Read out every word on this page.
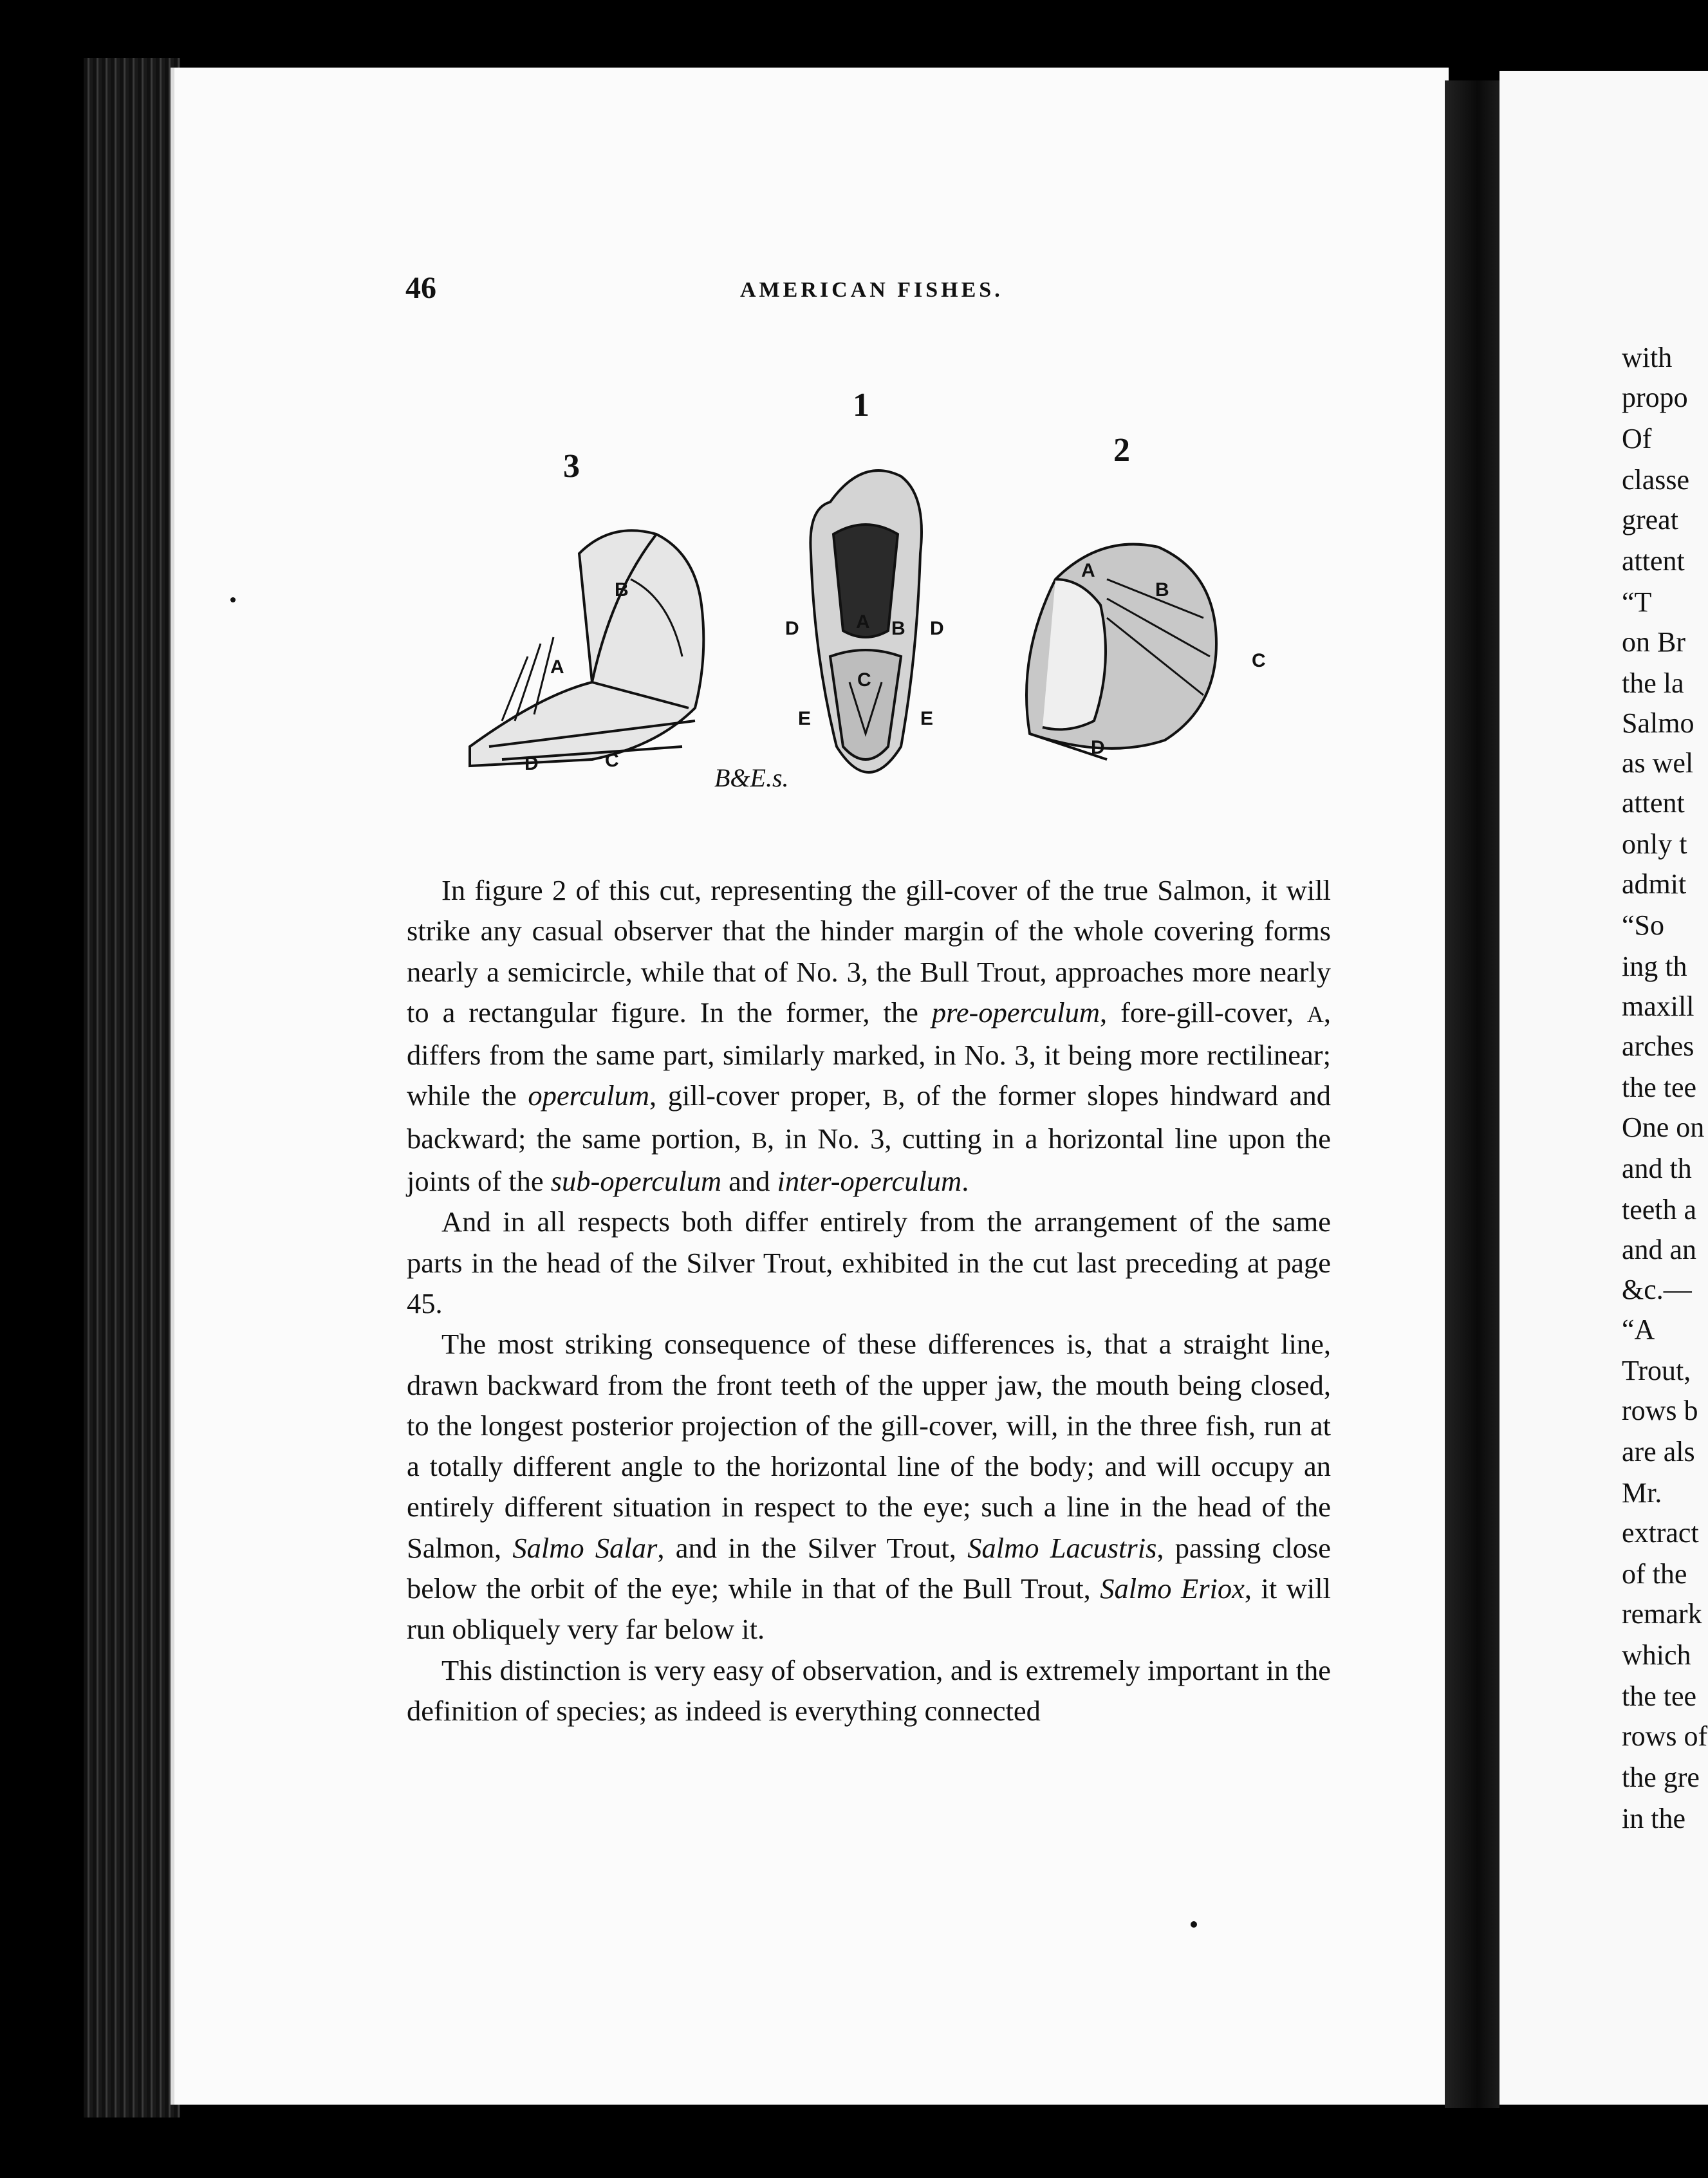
46	AMERICAN FISHES.
3
1
2
B
A
D	C
D	A B D
C
E	E
A
B
C
D
B&E.s.

In figure 2 of this cut, representing the gill-cover of the true Salmon, it will strike any casual observer that the hinder margin of the whole covering forms nearly a semicircle, while that of No. 3, the Bull Trout, approaches more nearly to a rectangular figure. In the former, the pre-operculum, fore-gill-cover, A, differs from the same part, similarly marked, in No. 3, it being more rectilinear; while the operculum, gill-cover proper, B, of the former slopes hindward and backward; the same portion, B, in No. 3, cutting in a horizontal line upon the joints of the sub-operculum and inter-operculum.

And in all respects both differ entirely from the arrangement of the same parts in the head of the Silver Trout, exhibited in the cut last preceding at page 45.

The most striking consequence of these differences is, that a straight line, drawn backward from the front teeth of the upper jaw, the mouth being closed, to the longest posterior projection of the gill-cover, will, in the three fish, run at a totally different angle to the horizontal line of the body; and will occupy an entirely different situation in respect to the eye; such a line in the head of the Salmon, Salmo Salar, and in the Silver Trout, Salmo Lacustris, passing close below the orbit of the eye; while in that of the Bull Trout, Salmo Eriox, it will run obliquely very far below it.

This distinction is very easy of observation, and is extremely important in the definition of species; as indeed is everything connected

with
propo
Of
classe
great
attent
“T
on Br
the la
Salmo
as wel
attent
only t
admit
“So
ing th
maxill
arches
the tee
One on
and th
teeth a
and an
&c.—
“A
Trout,
rows b
are als
Mr.
extract
of the
remark
which
the tee
rows of
the gre
in the
